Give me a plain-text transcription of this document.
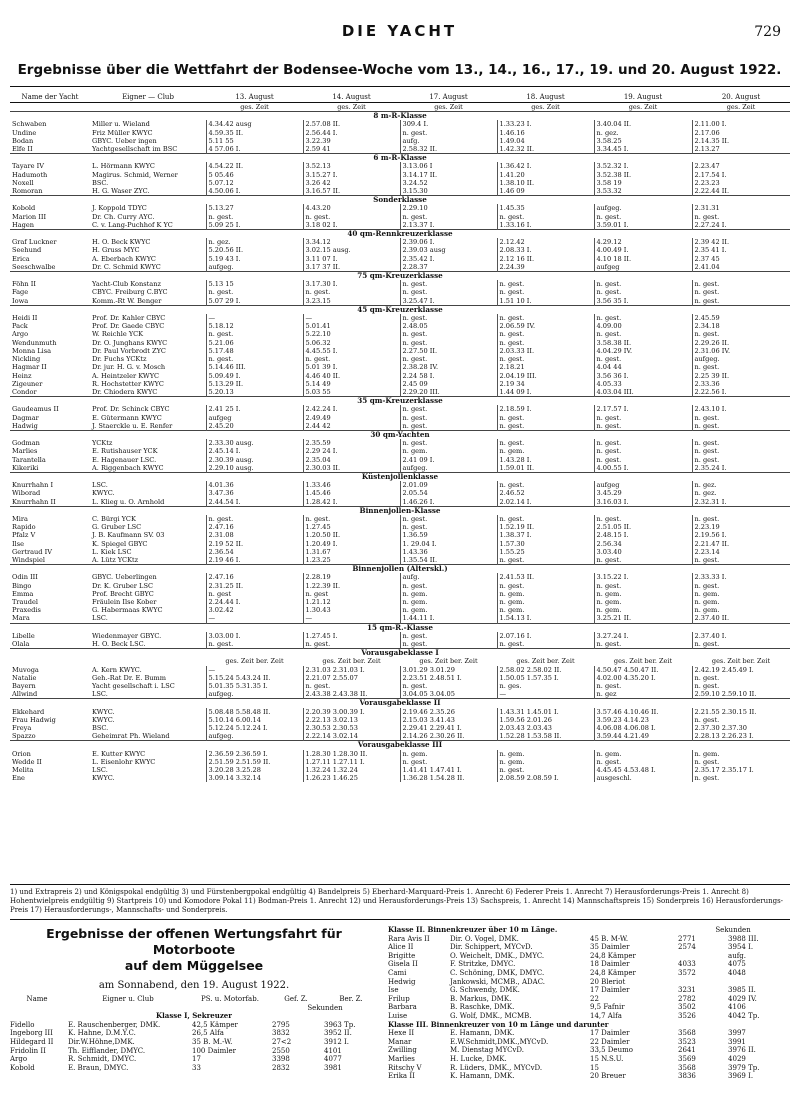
DIE YACHT	729
Ergebnisse über die Wettfahrt der Bodensee-Woche vom 13., 14., 16., 17., 19. und 20. August 1922.
Name der Yacht	Eigner — Club	13. August	14. August	17. August	18. August	19. August	20. August
		ges. Zeit	ges. Zeit	ges. Zeit	ges. Zeit	ges. Zeit	ges. Zeit
8 m-R-Klasse							
Schwaben	Miller u. Wieland	4.34.42 ausg	2.57.08 II.	309.4 I.	1.33.23 I.	3.40.04 II.	2.11.00 I.
Undine	Friz Müller KWYC	4.59.35 II.	2.56.44 I.	n. gest.	1.46.16	n. gez.	2.17.06
Bodan	GBYC. Ueber ingen	5.11 55	3.22.39	aufg.	1.49.04	3.58.25	2.14.35 II.
Elfe II	Yachtgesellschaft im BSC	4 57.06 I.	2.59 41	2.58.32 II.	1.42.32 II.	3.34.45 I.	2.13.27
6 m-R-Klasse							
Tayare IV	L. Hörmann KWYC	4.54.22 II.	3.52.13	3.13.06 I	1.36.42 I.	3.52.32 I.	2.23.47
Hadumoth	Magirus. Schmid, Werner	5 05.46	3.15.27 I.	3.14.17 II.	1.41.20	3.52.38 II.	2.17.54 I.
Noxell	BSC.	5.07.12	3.26 42	3.24.52	1.38.10 II.	3.58 19	2.23.23
Romoran	H. G. Waser ZYC.	4.50.06 I.	3.16.57 II.	3.15.30	1.46 09	3.53.32	2.22.44 II.
Sonderklasse							
Kobold	J. Koppold TDYC	5.13.27	4.43.20	2.29.10	1.45.35	aufgeg.	2.31.31
Marion III	Dr. Ch. Curry AYC.	n. gest.	n. gest.	n. gest.	n. gest.	n. gest.	n. gest.
Hagen	C. v. Lang-Puchhof K YC	5.09 25 I.	3.18 02 I.	2.13.37 I.	1.33.16 I.	3.59.01 I.	2.27.24 I.
40 qm-Rennkreuzerklasse							
Graf Luckner	H. O. Beck KWYC	n. gez.	3.34.12	2.39.06 I.	2.12.42	4.29.12	2.39 42 II.
Seehund	H. Gruss MYC	5.20.56 II.	3.02.15 ausg.	2.39.03 ausg	2.08.33 I.	4.00.49 I.	2.35 41 I.
Erica	A. Eberbach KWYC	5.19 43 I.	3.11 07 I.	2.35.42 I.	2.12 16 II.	4.10 18 II.	2.37 45
Seeschwalbe	Dr. C. Schmid KWYC	aufgeg.	3.17 37 II.	2.28.37	2.24.39	aufgeg	2.41.04
75 qm-Kreuzerklasse							
Föhn II	Yacht-Club Konstanz	5.13 15	3.17.30 I.	n. gest.	n. gest.	n. gest.	n. gest.
Fage	CBYC. Freiburg C.BYC	n. gest.	n. gest.	n. gest.	n. gest.	n. gest.	n. gest.
Iowa	Komm.-Rt W. Benger	5.07 29 I.	3.23.15	3.25.47 I.	1.51 10 I.	3.56 35 I.	n. gest.
45 qm-Kreuzerklasse							
Heidi II	Prof. Dr. Kahler CBYC	—	—	n. gest.	n. gest.	n. gest.	2.45.59
Pack	Prof. Dr. Gaede CBYC	5.18.12	5.01.41	2.48.05	2.06.59 IV.	4.09.00	2.34.18
Argo	W. Reichle YCK	n. gest.	5.22.10	n. gest.	n. gest.	n. gest.	n. gest.
Wendunmuth	Dr. O. Junghans KWYC	5.21.06	5.06.32	n. gest.	n. gest.	3.58.38 II.	2.29.26 II.
Monna Lisa	Dr. Paul Vorbrodt ZYC	5.17.48	4.45.55 I.	2.27.50 II.	2.03.33 II.	4.04.29 IV.	2.31.06 IV.
Nickling	Dr. Fuchs YCKtz	n. gest.	n. gest.	n. gest.	n. gest.	n. gest.	aufgeg.
Hagmar II	Dr. jur. H. G. v. Mosch	5.14.46 III.	5.01 39 I.	2.38.28 IV.	2.18.21	4.04 44	n. gest.
Heinz	A. Heintzeler KWYC	5.09.49 I.	4.46 40 II.	2.24 58 I.	2.04.19 III.	3.56 36 I.	2.25 39 II.
Zigeuner	R. Hochstetter KWYC	5.13.29 II.	5.14 49	2.45 09	2.19 34	4.05.33	2.33.36
Condor	Dr. Chiodera KWYC	5.20.13	5.03 55	2.29.20 III.	1.44 09 I.	4.03.04 III.	2.22.56 I.
35 qm-Kreuzerklasse							
Gaudeamus II	Prof. Dr. Schinck CBYC	2.41 25 I.	2.42.24 I.	n. gest.	2.18.59 I.	2.17.57 I.	2.43.10 I.
Dagmar	E. Gütermann KWYC	aufgeg	2.49.49	n. gest.	n. gest.	n. gest.	n. gest.
Hadwig	J. Staerckle u. E. Renfer	2.45.20	2.44 42	n. gest.	n. gest.	n. gest.	n. gest.
30 qm-Yachten							
Godman	YCKtz	2.33.30 ausg.	2.35.59	n. gest.	n. gest.	n. gest.	n. gest.
Marlies	E. Rutishauser YCK	2.45.14 I.	2.29 24 I.	n. gem.	n. gem.	n. gest.	n. gest.
Tarantella	E. Hagenauer LSC.	2.30.39 ausg.	2.35.04	2.41 09 I.	1.43.28 I.	n. gest.	n. gest.
Kikeriki	A. Riggenbach KWYC	2.29.10 ausg.	2.30.03 II.	aufgeg.	1.59.01 II.	4.00.55 I.	2.35.24 I.
Küstenjollenklasse							
Knurrhahn I	LSC.	4.01.36	1.33.46	2.01.09	n. gest.	aufgeg	n. gez.
Wiborad	KWYC.	3.47.36	1.45.46	2.05.54	2.46.52	3.45.29	n. gez.
Knurrhahn II	L. Klieg u. O. Arnhold	2.44.54 I.	1.28.42 I.	1.46.26 I.	2.02.14 I.	3.16.03 I.	2.32.31 I.
Binnenjollen-Klasse							
Mira	C. Bürgi YCK	n. gest.	n. gest.	n. gest.	n. gest.	n. gest.	n. gest.
Rapido	G. Gruber LSC	2.47.16	1.27.45	n. gest.	1.52.19 II.	2.51.05 II.	2.23.19
Pfalz V	J. B. Kaufmann SV. 03	2.31.08	1.20.50 II.	1.36.59	1.38.37 I.	2.48.15 I.	2.19.56 I.
Ilse	K. Spiegel GBYC	2.19 52 II.	1.20.49 I.	1. 29.04 I.	1.57.30	2.56.34	2.21.47 II.
Gertraud IV	L. Kiek LSC	2.36.54	1.31.67	1.43.36	1.55.25	3.03.40	2.23.14
Windspiel	A. Lütz YCKtz	2.19 46 I.	1.23.25	1.35.54 II.	n. gest.	n. gest.	n. gest.
Binnenjollen (Alterskl.)							
Odin III	GBYC. Ueberlingen	2.47.16	2.28.19	aufg.	2.41.53 II.	3.15.22 I.	2.33.33 I.
Bingo	Dr. K. Gruber LSC	2.31.25 II.	1.22.39 II.	n. gest.	n. gest.	n. gest.	n. gest.
Emma	Prof. Brecht GBYC	n. gest	n. gest	n. gem.	n. gem.	n. gem.	n. gem.
Traudel	Fräulein Ilse Kober	2.24.44 I.	1.21.12	n. gem.	n. gem.	n. gem.	n. gem.
Praxedis	G. Habermaas KWYC	3.02.42	1.30.43	n. gem.	n. gem.	n. gem.	n. gem.
Mara	LSC.	—	—	1.44.11 I.	1.54.13 I.	3.25.21 II.	2.37.40 II.
15 qm-R.-Klasse							
Libelle	Wiedenmayer GBYC.	3.03.00 I.	1.27.45 I.	n. gest.	2.07.16 I.	3.27.24 I.	2.37.40 I.
Olala	H. O. Beck LSC.	n. gest.	n. gest.	n. gest.	n. gest.	n. gest.	n. gest.
Vorausgabeklasse I							
		ges. Zeit ber. Zeit	ges. Zeit ber. Zeit	ges. Zeit ber. Zeit	ges. Zeit ber. Zeit	ges. Zeit ber. Zeit	ges. Zeit ber. Zeit
Muvoga	A. Kern KWYC.	—	2.31.03 2.31.03 I.	3.01.29 3.01.29	2.58.02 2.58.02 II.	4.50.47 4.50.47 II.	2.42.19 2.45.49 I.
Natalie	Geh.-Rat Dr. E. Bumm	5.15.24 5.43.24 II.	2.21.07 2.55.07	2.23.51 2.48.51 I.	1.50.05 1.57.35 I.	4.02.00 4.35.20 I.	n. gest.
Bayern	Yacht gesellschaft i. LSC	5.01.35 5.31.35 I.	n. gest.	n. gest.	n. ges.	n. gest.	n. gest.
Allwind	LSC.	aufgeg.	2.43.38 2.43.38 II.	3.04.05 3.04.05	—	n. gez	2.59.10 2.59.10 II.
Vorausgabeklasse II							
Ekkehard	KWYC.	5.08.48 5.58.48 II.	2.20.39 3.00.39 I.	2.19.46 2.35.26	1.43.31 1.45.01 I.	3.57.46 4.10.46 II.	2.21.55 2.30.15 II.
Frau Hadwig	KWYC.	5.10.14 6.00.14	2.22.13 3.02.13	2.15.03 3.41.43	1.59.56 2.01.26	3.59.23 4.14.23	n. gest.
Freya	BSC.	5.12.24 5.12.24 I.	2.30.53 2.30.53	2.29.41 2.29.41 I.	2.03.43 2.03.43	4.06.08 4.06.08 I.	2.37.30 2.37.30
Spazzo	Geheimrat Ph. Wieland	aufgeg.	2.22.14 3.02.14	2.14.26 2.30.26 II.	1.52.28 1.53.58 II.	3.59.44 4.21.49	2.28.13 2.26.23 I.
Vorausgabeklasse III							
Orion	E. Kutter KWYC	2.36.59 2.36.59 I.	1.28.30 1.28.30 II.	n. gem.	n. gem.	n. gem.	n. gem.
Wedde II	L. Eisenlohr KWYC	2.51.59 2.51.59 II.	1.27.11 1.27.11 I.	n. gest.	n. gem.	n. gest.	n. gest.
Melita	LSC.	3.20.28 3.25.28	1.32.24 1.32.24	1.41.41 1.47.41 I.	n. gest.	4.45.45 4.53.48 I.	2.35.17 2.35.17 I.
Ene	KWYC.	3.09.14 3.32.14	1.26.23 1.46.25	1.36.28 1.54.28 II.	2.08.59 2.08.59 I.	ausgeschl.	n. gest.
1) und Extrapreis 2) und Königspokal endgültig 3) und Fürstenbergpokal endgültig 4) Bandelpreis 5) Eberhard-Marquard-Preis 1. Anrecht 6) Federer Preis 1. Anrecht 7) Herausforderungs-Preis 1. Anrecht 8) Hohentwielpreis endgültig 9) Startpreis 10) und Komodore Pokal 11) Bodman-Preis 1. Anrecht 12) und Herausforderungs-Preis 13) Sachspreis, 1. Anrecht 14) Mannschaftspreis 15) Sonderpreis 16) Herausforderungs-Preis 17) Herausforderungs-, Mannschafts- und Sonderpreis.
Ergebnisse der offenen Wertungsfahrt für Motorboote
auf dem Müggelsee
am Sonnabend, den 19. August 1922.
Name	Eigner u. Club	PS. u. Motorfab.	Gef. Z.	Ber. Z.
			Sekunden	
Klasse I, Sekreuzer				
Fidello	E. Rauschenberger, DMK.	42,5 Kämper	2795	3963 Tp.
Ingeborg III	K. Hahne, D.M.Y.C.	26,5 Alfa	3832	3952 II.
Hildegard II	Dir.W.Höhne,DMK.	35 B. M.-W.	27<2	3912 I.
Fridolin II	Th. Eifflander, DMYC.	100 Daimler	2550	4101
Argo	R. Schmidt, DMYC.	17	3398	4077
Kobold	E. Braun, DMYC.	33	2832	3981
Klasse II. Binnenkreuzer über 10 m Länge.			Sekunden	
Rara Avis II	Dir. O. Vogel, DMK.	45 B. M-W.	2771	3988 III.
Alice II	Dir. Schippert, MYCvD.	35 Daimler	2574	3954 I.
Brigitte	O. Weichelt, DMK., DMYC.	24,8 Kämper		aufg.
Gisela II	F. Stritzke, DMYC.	18 Daimler	4033	4075
Cami	C. Schöning, DMK, DMYC.	24,8 Kämper	3572	4048
Hedwig	Jankowski, MCMB., ADAC.	20 Bleriot		
Ise	G. Schwendy, DMK.	17 Daimler	3231	3985 II.
Frilup	B. Markus, DMK.	22	2782	4029 IV.
Barbara	B. Raschke, DMK.	9,5 Fafnir	3502	4106
Luise	G. Wolf, DMK., MCMB.	14,7 Alfa	3526	4042 Tp.
Klasse III. Binnenkreuzer von 10 m Länge und darunter				
Hexe II	E. Hamann, DMK.	17 Daimler	3568	3997
Manar	E.W.Schmidt,DMK.,MYCvD.	22 Daimler	3523	3991
Zwilling	M. Dienstag MYCvD.	33,5 Deumo	2641	3976 II.
Marlies	H. Lucke, DMK.	15 N.S.U.	3569	4029
Ritschy V	R. Lüders, DMK., MYCvD.	15	3568	3979 Tp.
Erika II	K. Hamann, DMK.	20 Breuer	3836	3969 I.
